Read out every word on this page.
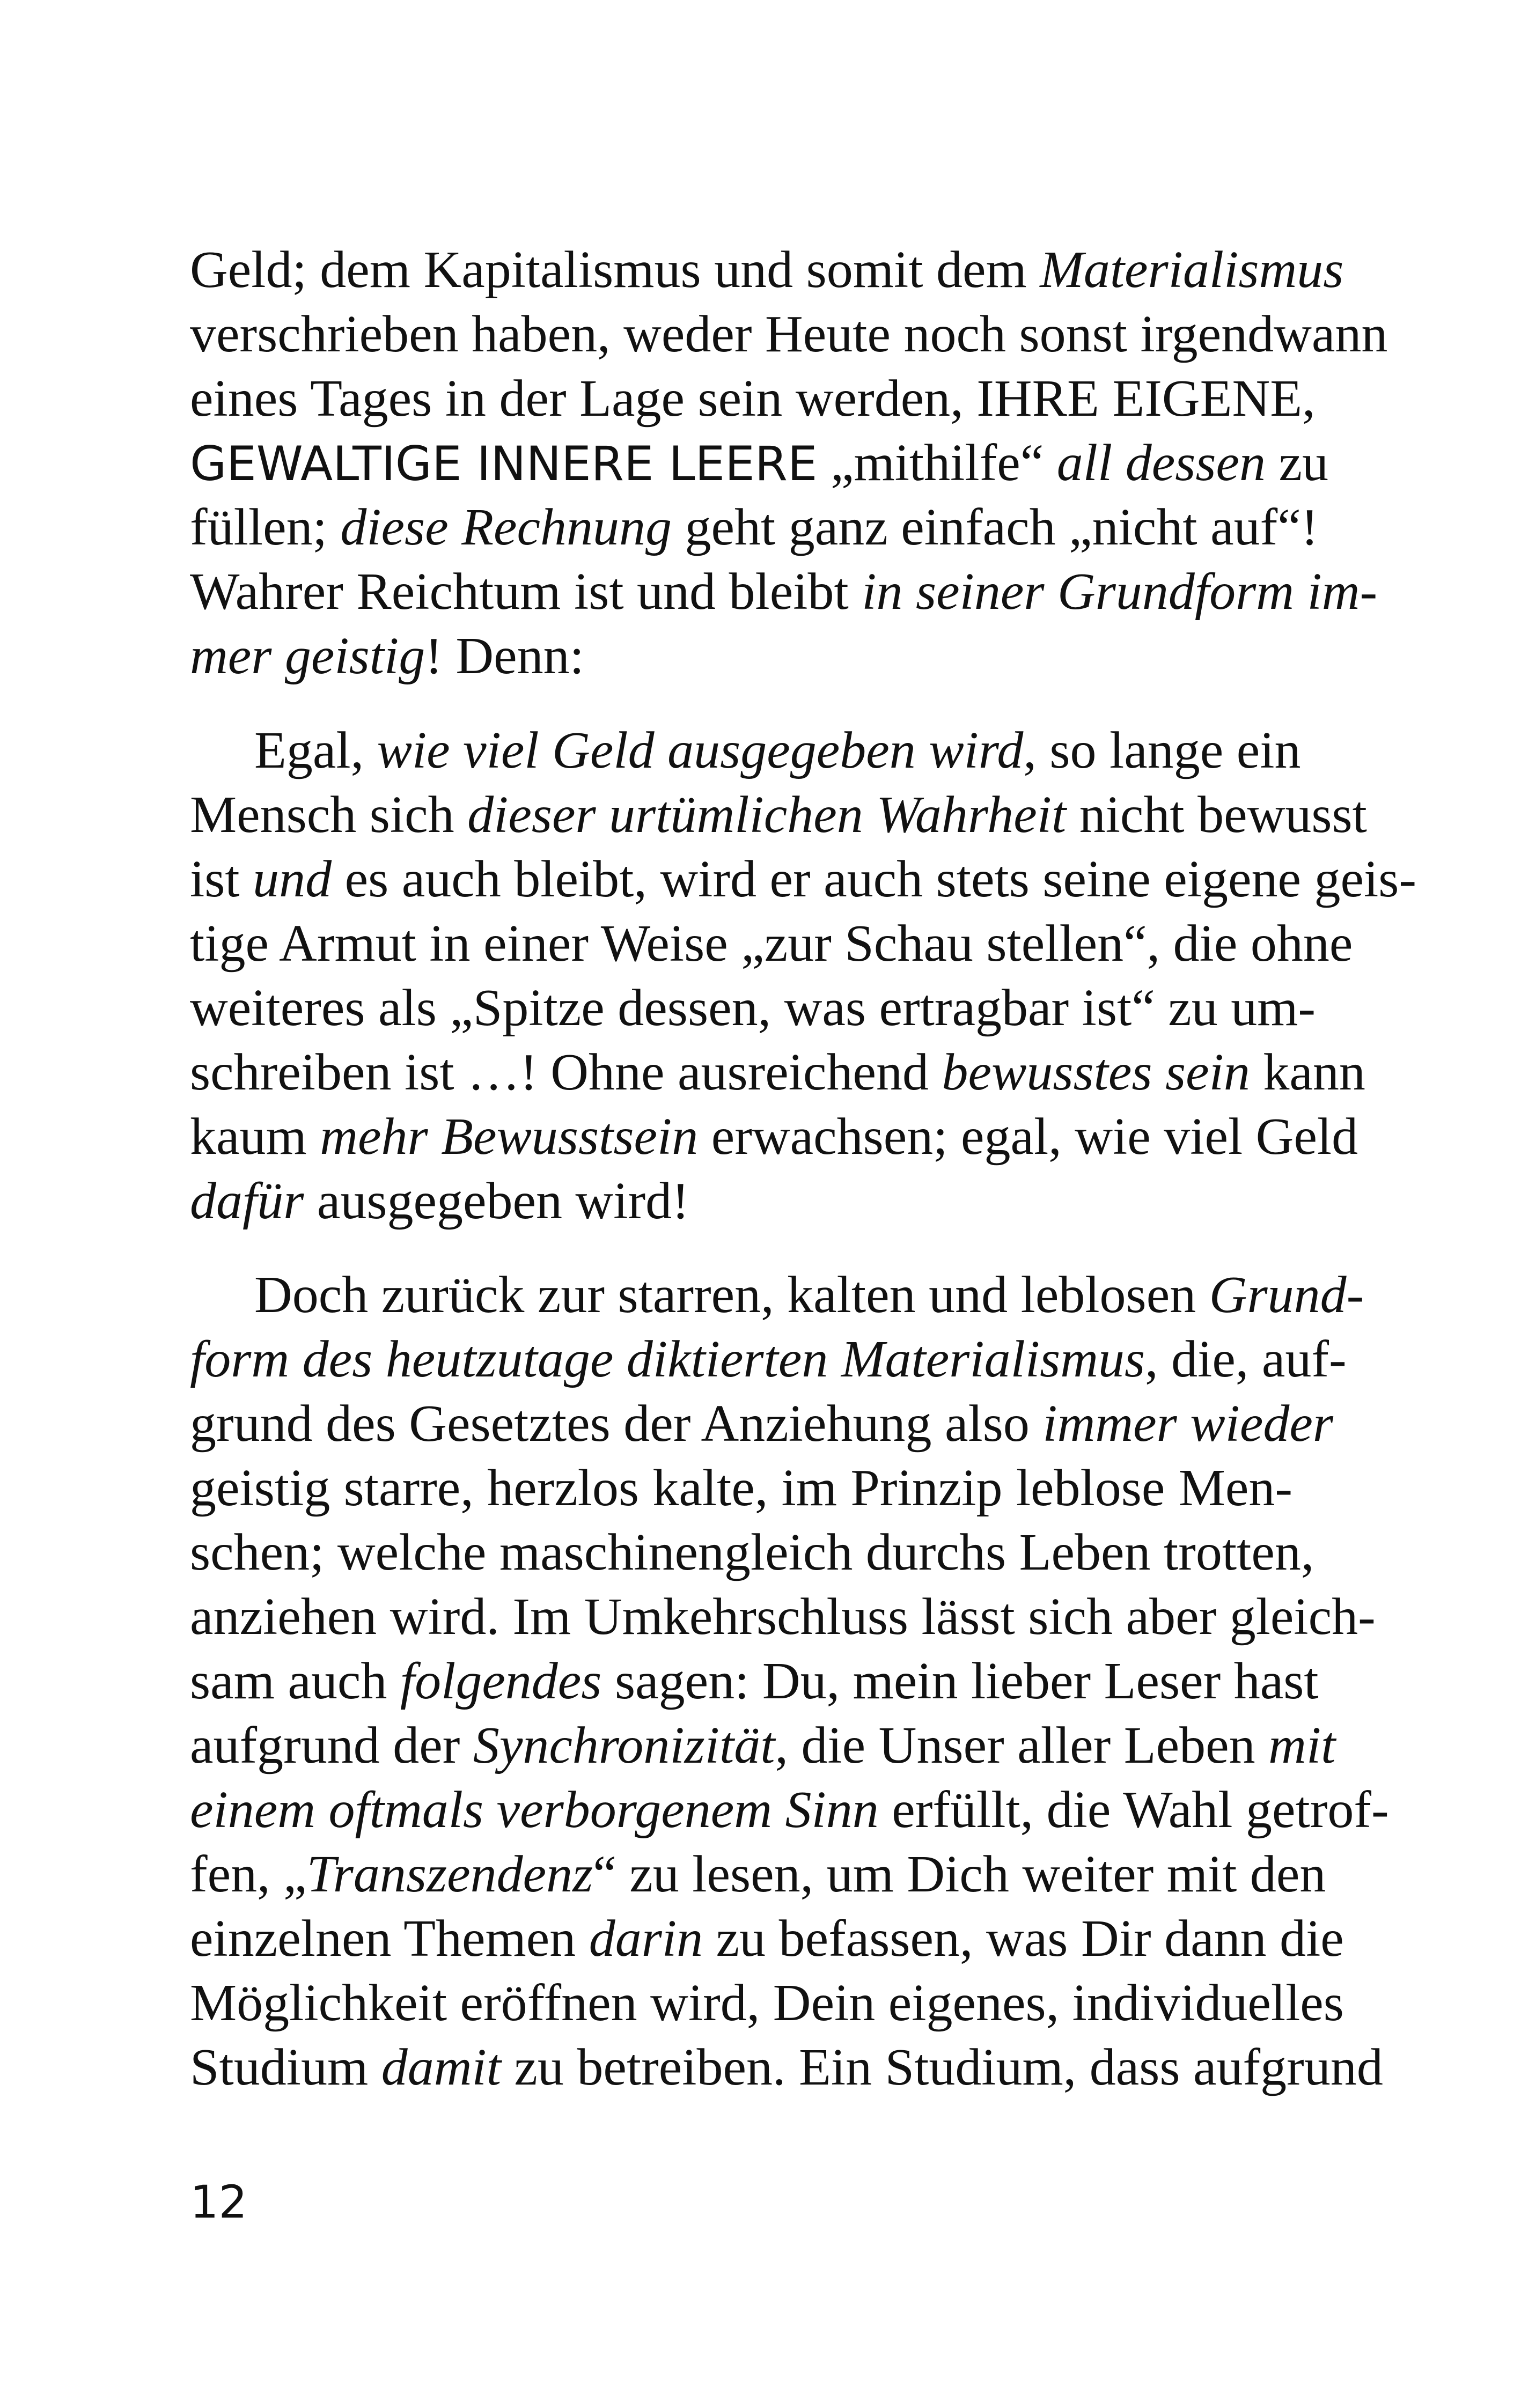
Geld; dem Kapitalismus und somit dem Materialismus
verschrieben haben, weder Heute noch sonst irgendwann
eines Tages in der Lage sein werden, IHRE EIGENE,
GEWALTIGE INNERE LEERE „mithilfe“ all dessen zu
füllen; diese Rechnung geht ganz einfach „nicht auf“!
Wahrer Reichtum ist und bleibt in seiner Grundform im-
mer geistig! Denn:
Egal, wie viel Geld ausgegeben wird, so lange ein
Mensch sich dieser urtümlichen Wahrheit nicht bewusst
ist und es auch bleibt, wird er auch stets seine eigene geis-
tige Armut in einer Weise „zur Schau stellen“, die ohne
weiteres als „Spitze dessen, was ertragbar ist“ zu um-
schreiben ist …! Ohne ausreichend bewusstes sein kann
kaum mehr Bewusstsein erwachsen; egal, wie viel Geld
dafür ausgegeben wird!
Doch zurück zur starren, kalten und leblosen Grund-
form des heutzutage diktierten Materialismus, die, auf-
grund des Gesetztes der Anziehung also immer wieder
geistig starre, herzlos kalte, im Prinzip leblose Men-
schen; welche maschinengleich durchs Leben trotten,
anziehen wird. Im Umkehrschluss lässt sich aber gleich-
sam auch folgendes sagen: Du, mein lieber Leser hast
aufgrund der Synchronizität, die Unser aller Leben mit
einem oftmals verborgenem Sinn erfüllt, die Wahl getrof-
fen, „Transzendenz“ zu lesen, um Dich weiter mit den
einzelnen Themen darin zu befassen, was Dir dann die
Möglichkeit eröffnen wird, Dein eigenes, individuelles
Studium damit zu betreiben. Ein Studium, dass aufgrund
12
